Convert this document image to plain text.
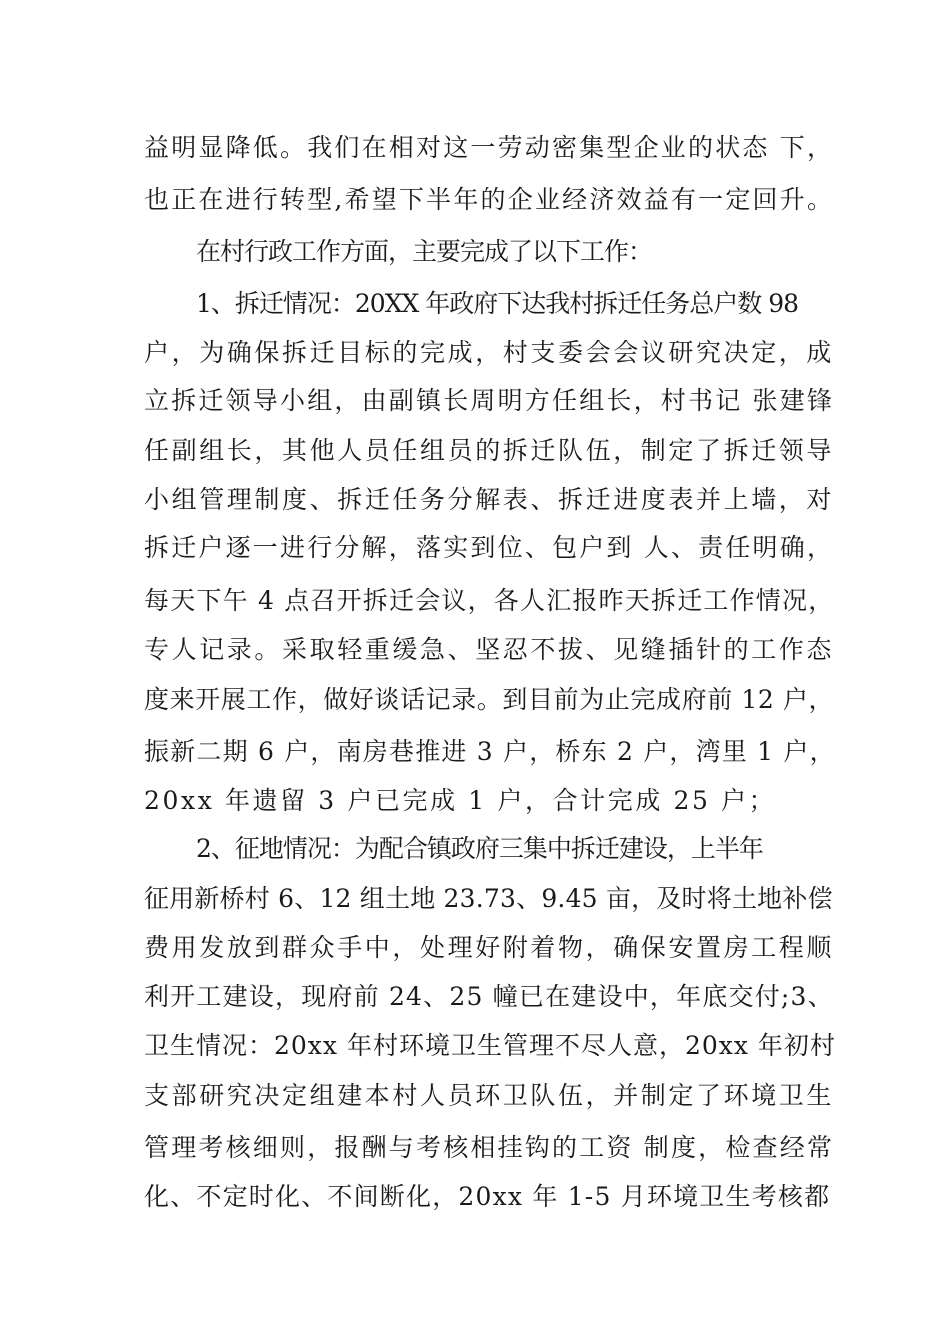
益明显降低。我们在相对这一劳动密集型企业的状态 下，
也正在进行转型,希望下半年的企业经济效益有一定回升。
在村行政工作方面，主要完成了以下工作：
1、拆迁情况：20XX 年政府下达我村拆迁任务总户数 98
户，为确保拆迁目标的完成，村支委会会议研究决定，成
立拆迁领导小组，由副镇长周明方任组长，村书记 张建锋
任副组长，其他人员任组员的拆迁队伍，制定了拆迁领导
小组管理制度、拆迁任务分解表、拆迁进度表并上墙，对
拆迁户逐一进行分解，落实到位、包户到 人、责任明确，
每天下午 4 点召开拆迁会议，各人汇报昨天拆迁工作情况，
专人记录。采取轻重缓急、坚忍不拔、见缝插针的工作态
度来开展工作，做好谈话记录。到目前为止完成府前 12 户，
振新二期 6 户，南房巷推进 3 户，桥东 2 户，湾里 1 户，
20xx 年遗留 3 户已完成 1 户，合计完成 25 户；
2、征地情况：为配合镇政府三集中拆迁建设，上半年
征用新桥村 6、12 组土地 23.73、9.45 亩，及时将土地补偿
费用发放到群众手中，处理好附着物，确保安置房工程顺
利开工建设，现府前 24、25 幢已在建设中，年底交付;3、
卫生情况：20xx 年村环境卫生管理不尽人意，20xx 年初村
支部研究决定组建本村人员环卫队伍，并制定了环境卫生
管理考核细则，报酬与考核相挂钩的工资 制度，检查经常
化、不定时化、不间断化，20xx 年 1-5 月环境卫生考核都
